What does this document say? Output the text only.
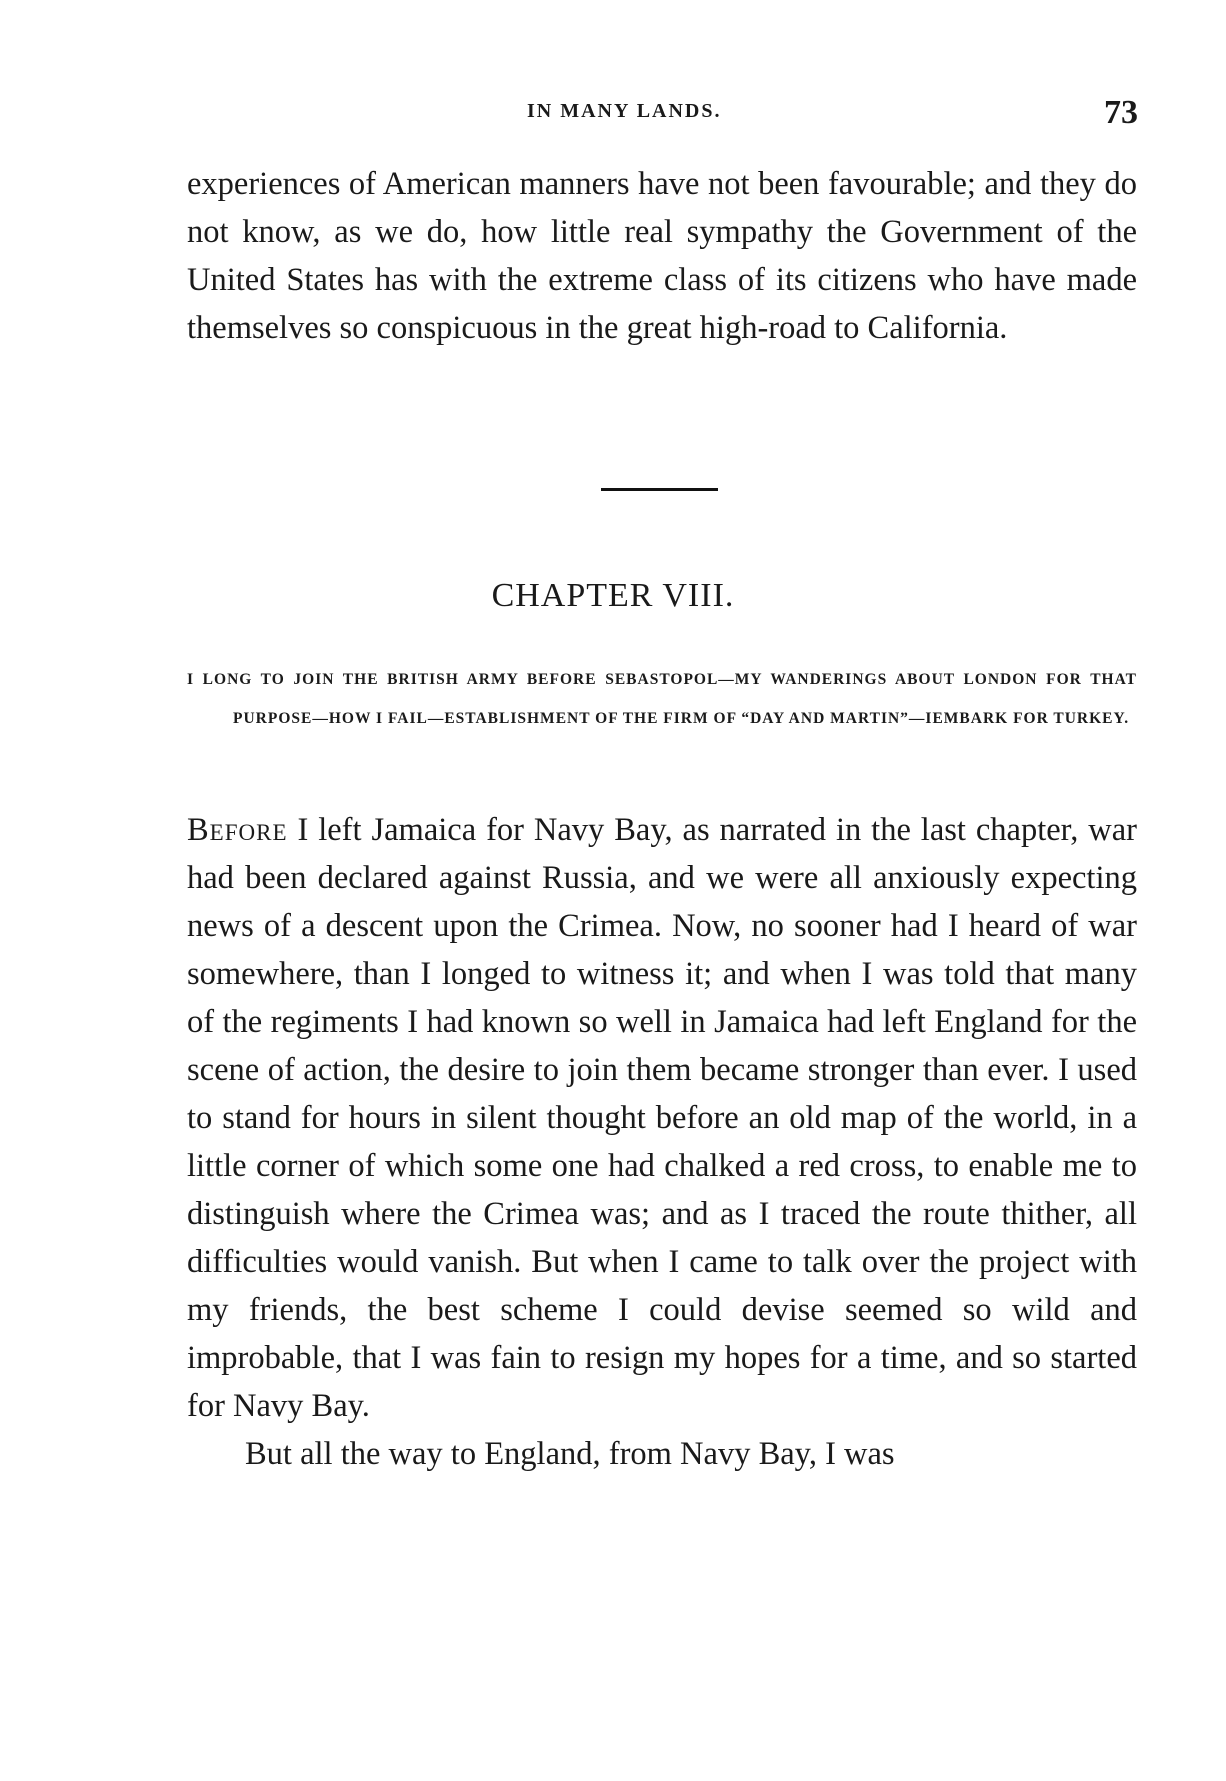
IN MANY LANDS.	73

experiences of American manners have not been favourable; and they do not know, as we do, how little real sympathy the Government of the United States has with the extreme class of its citizens who have made themselves so conspicuous in the great high-road to California.

CHAPTER VIII.
I LONG TO JOIN THE BRITISH ARMY BEFORE SEBASTOPOL—MY WANDERINGS ABOUT LONDON FOR THAT PURPOSE—HOW I FAIL—ESTABLISHMENT OF THE FIRM OF “DAY AND MARTIN”—IEMBARK FOR TURKEY.

Before I left Jamaica for Navy Bay, as narrated in the last chapter, war had been declared against Russia, and we were all anxiously expecting news of a descent upon the Crimea. Now, no sooner had I heard of war somewhere, than I longed to witness it; and when I was told that many of the regiments I had known so well in Jamaica had left England for the scene of action, the desire to join them became stronger than ever. I used to stand for hours in silent thought before an old map of the world, in a little corner of which some one had chalked a red cross, to enable me to distinguish where the Crimea was; and as I traced the route thither, all difficulties would vanish. But when I came to talk over the project with my friends, the best scheme I could devise seemed so wild and improbable, that I was fain to resign my hopes for a time, and so started for Navy Bay.

But all the way to England, from Navy Bay, I was
